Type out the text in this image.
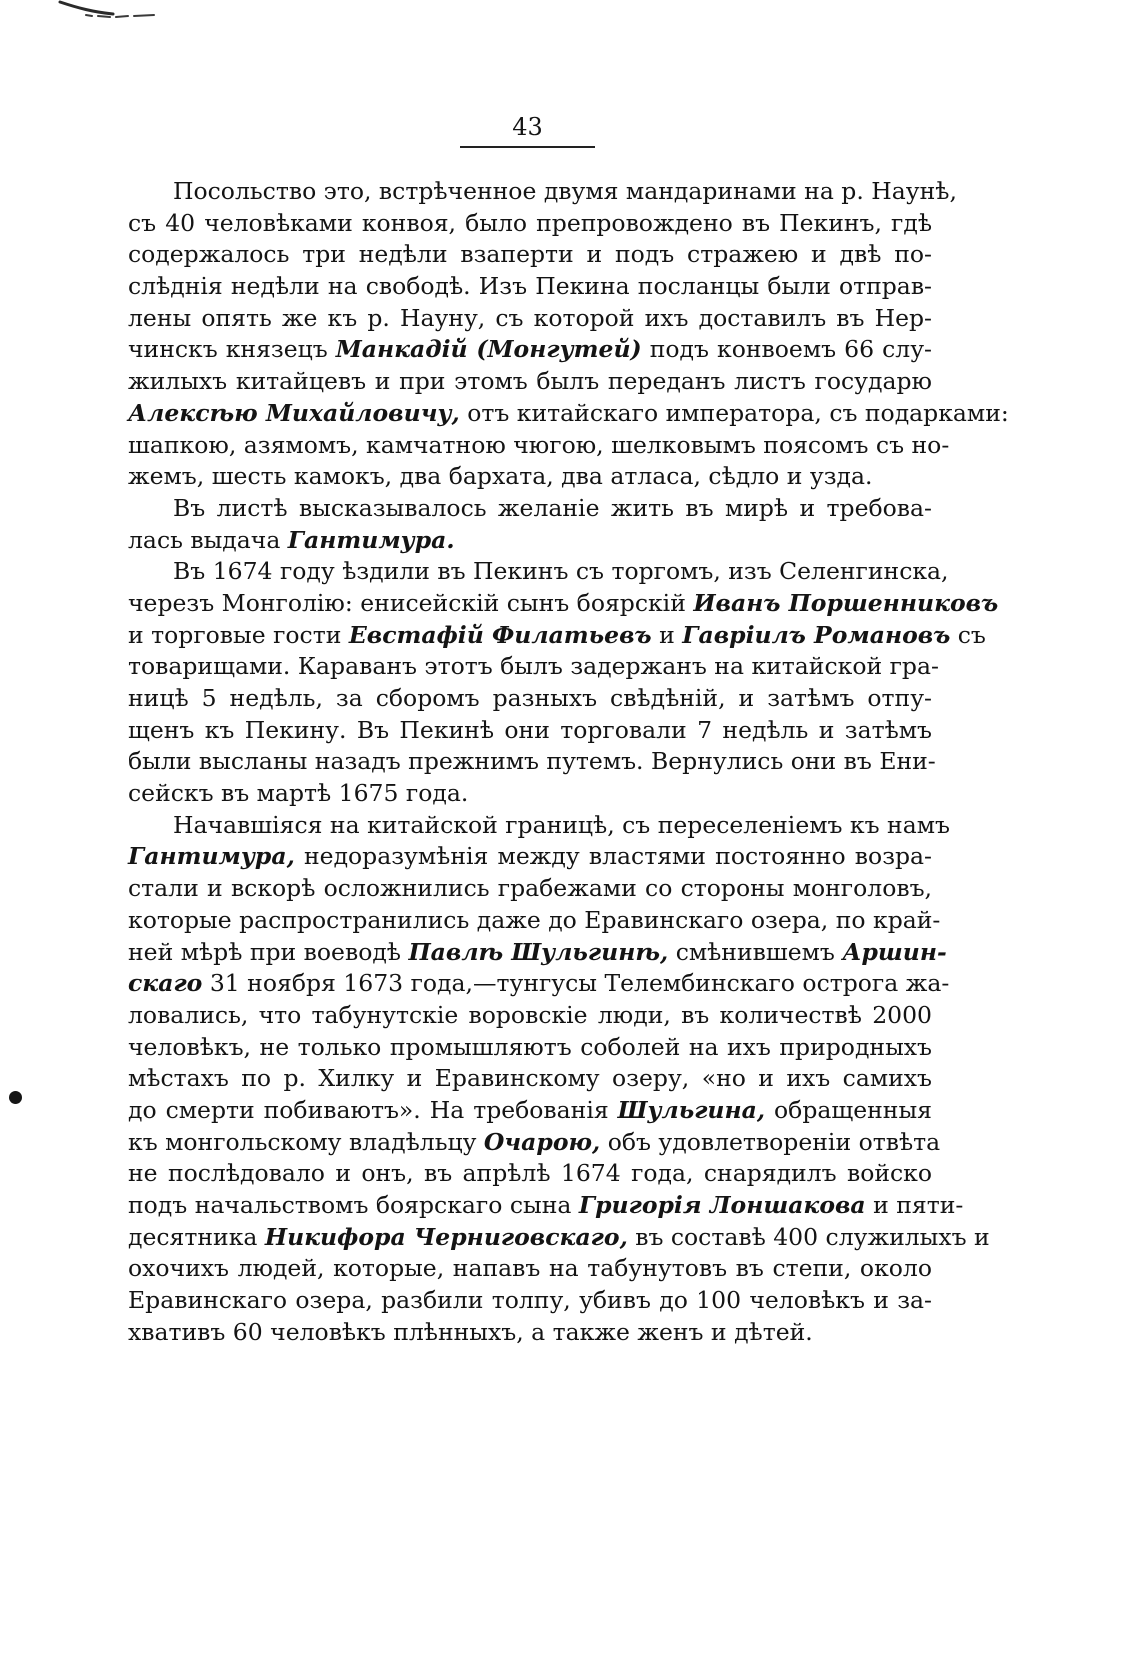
43
Посольство это, встрѣченное двумя мандаринами на р. Наунѣ,
съ 40 человѣками конвоя, было препровождено въ Пекинъ, гдѣ
содержалось три недѣли взаперти и подъ стражею и двѣ по-
слѣднія недѣли на свободѣ. Изъ Пекина посланцы были отправ-
лены опять же къ р. Науну, съ которой ихъ доставилъ въ Нер-
чинскъ князецъ Манкадій (Монгутей) подъ конвоемъ 66 слу-
жилыхъ китайцевъ и при этомъ былъ переданъ листъ государю
Алексѣю Михайловичу, отъ китайскаго императора, съ подарками:
шапкою, азямомъ, камчатною чюгою, шелковымъ поясомъ съ но-
жемъ, шесть камокъ, два бархата, два атласа, сѣдло и узда.
Въ листѣ высказывалось желаніе жить въ мирѣ и требова-
лась выдача Гантимура.
Въ 1674 году ѣздили въ Пекинъ съ торгомъ, изъ Селенгинска,
черезъ Монголію: енисейскій сынъ боярскій Иванъ Поршенниковъ
и торговые гости Евстафій Филатьевъ и Гавріилъ Романовъ съ
товарищами. Караванъ этотъ былъ задержанъ на китайской гра-
ницѣ 5 недѣль, за сборомъ разныхъ свѣдѣній, и затѣмъ отпу-
щенъ къ Пекину. Въ Пекинѣ они торговали 7 недѣль и затѣмъ
были высланы назадъ прежнимъ путемъ. Вернулись они въ Ени-
сейскъ въ мартѣ 1675 года.
Начавшіяся на китайской границѣ, съ переселеніемъ къ намъ
Гантимура, недоразумѣнія между властями постоянно возра-
стали и вскорѣ осложнились грабежами со стороны монголовъ,
которые распространились даже до Еравинскаго озера, по край-
ней мѣрѣ при воеводѣ Павлѣ Шульгинѣ, смѣнившемъ Аршин-
скаго 31 ноября 1673 года,—тунгусы Телембинскаго острога жа-
ловались, что табунутскіе воровскіе люди, въ количествѣ 2000
человѣкъ, не только промышляютъ соболей на ихъ природныхъ
мѣстахъ по р. Хилку и Еравинскому озеру, «но и ихъ самихъ
до смерти побиваютъ». На требованія Шульгина, обращенныя
къ монгольскому владѣльцу Очарою, объ удовлетвореніи отвѣта
не послѣдовало и онъ, въ апрѣлѣ 1674 года, снарядилъ войско
подъ начальствомъ боярскаго сына Григорія Лоншакова и пяти-
десятника Никифора Черниговскаго, въ составѣ 400 служилыхъ и
охочихъ людей, которые, напавъ на табунутовъ въ степи, около
Еравинскаго озера, разбили толпу, убивъ до 100 человѣкъ и за-
хвативъ 60 человѣкъ плѣнныхъ, а также женъ и дѣтей.
